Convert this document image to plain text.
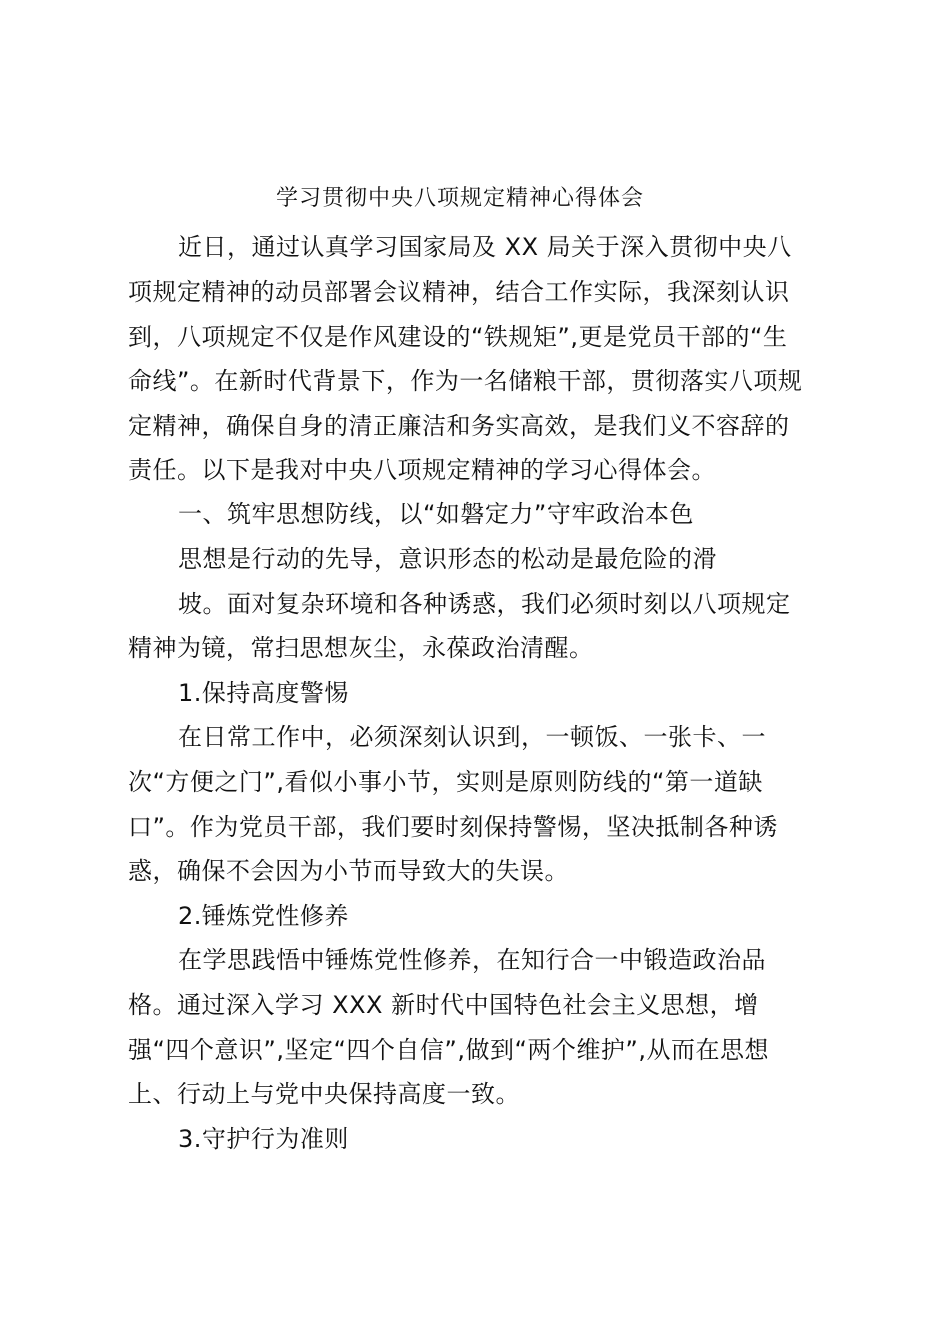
学习贯彻中央八项规定精神心得体会
近日，通过认真学习国家局及 XX 局关于深入贯彻中央八
项规定精神的动员部署会议精神，结合工作实际，我深刻认识
到，八项规定不仅是作风建设的“铁规矩”,更是党员干部的“生
命线”。在新时代背景下，作为一名储粮干部，贯彻落实八项规
定精神，确保自身的清正廉洁和务实高效，是我们义不容辞的
责任。以下是我对中央八项规定精神的学习心得体会。
一、筑牢思想防线，以“如磐定力”守牢政治本色
思想是行动的先导，意识形态的松动是最危险的滑
坡。面对复杂环境和各种诱惑，我们必须时刻以八项规定
精神为镜，常扫思想灰尘，永葆政治清醒。
1.保持高度警惕
在日常工作中，必须深刻认识到，一顿饭、一张卡、一
次“方便之门”,看似小事小节，实则是原则防线的“第一道缺
口”。作为党员干部，我们要时刻保持警惕，坚决抵制各种诱
惑，确保不会因为小节而导致大的失误。
2.锤炼党性修养
在学思践悟中锤炼党性修养，在知行合一中锻造政治品
格。通过深入学习 XXX 新时代中国特色社会主义思想，增
强“四个意识”,坚定“四个自信”,做到“两个维护”,从而在思想
上、行动上与党中央保持高度一致。
3.守护行为准则
